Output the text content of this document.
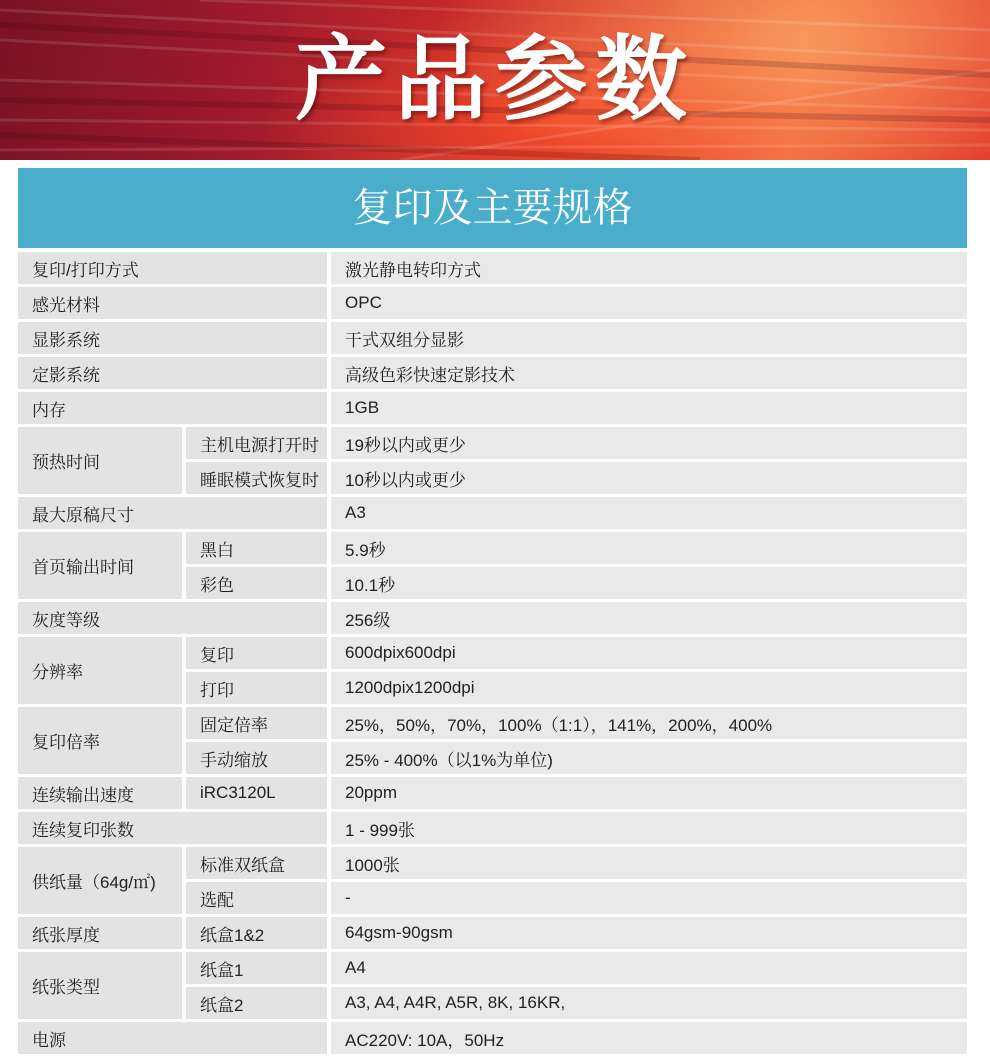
产品参数
复印及主要规格
复印/打印方式		激光静电转印方式
感光材料		OPC
显影系统		干式双组分显影
定影系统		高级色彩快速定影技术
内存		1GB
预热时间	主机电源打开时	19秒以内或更少
	睡眠模式恢复时	10秒以内或更少
最大原稿尺寸		A3
首页输出时间	黑白	5.9秒
	彩色	10.1秒
灰度等级		256级
分辨率	复印	600dpix600dpi
	打印	1200dpix1200dpi
复印倍率	固定倍率	25%，50%，70%，100%（1:1），141%，200%，400%
	手动缩放	25% - 400%（以1%为单位)
连续输出速度	iRC3120L	20ppm
连续复印张数		1 - 999张
供纸量（64g/㎡)	标准双纸盒	1000张
	选配	-
纸张厚度	纸盒1&2	64gsm-90gsm
纸张类型	纸盒1	A4
	纸盒2	A3, A4, A4R, A5R, 8K, 16KR,
电源		AC220V: 10A，50Hz
